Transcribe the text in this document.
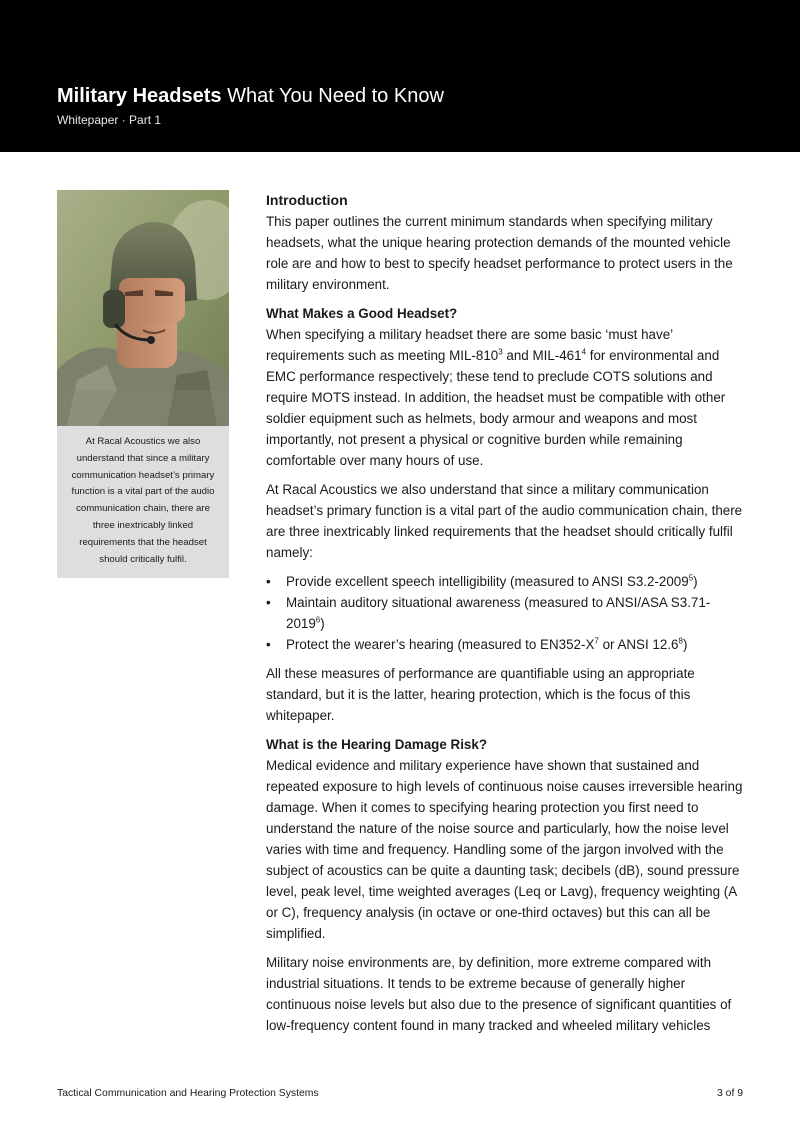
Military Headsets What You Need to Know
Whitepaper · Part 1
At Racal Acoustics we also understand that since a military communication headset’s primary function is a vital part of the audio communication chain, there are three inextricably linked requirements that the headset should critically fulfil.

Introduction

This paper outlines the current minimum standards when specifying military headsets, what the unique hearing protection demands of the mounted vehicle role are and how to best to specify headset performance to protect users in the military environment.

What Makes a Good Headset?

When specifying a military headset there are some basic ‘must have’ requirements such as meeting MIL-$810^3$ and MIL-$461^4$ for environmental and EMC performance respectively; these tend to preclude COTS solutions and require MOTS instead. In addition, the headset must be compatible with other soldier equipment such as helmets, body armour and weapons and most importantly, not present a physical or cognitive burden while remaining comfortable over many hours of use.

At Racal Acoustics we also understand that since a military communication headset’s primary function is a vital part of the audio communication chain, there are three inextricably linked requirements that the headset should critically fulfil namely:

• Provide excellent speech intelligibility (measured to ANSI S3.2-2009$^5$)
• Maintain auditory situational awareness (measured to ANSI/ASA S3.71-2019$^6$)
• Protect the wearer’s hearing (measured to $EN352-X^7$ or ANSI 12.6$^8$)

All these measures of performance are quantifiable using an appropriate standard, but it is the latter, hearing protection, which is the focus of this whitepaper.

What is the Hearing Damage Risk?

Medical evidence and military experience have shown that sustained and repeated exposure to high levels of continuous noise causes irreversible hearing damage. When it comes to specifying hearing protection you first need to understand the nature of the noise source and particularly, how the noise level varies with time and frequency. Handling some of the jargon involved with the subject of acoustics can be quite a daunting task; decibels (dB), sound pressure level, peak level, time weighted averages (Leq or Lavg), frequency weighting (A or C), frequency analysis (in octave or one-third octaves) but this can all be simplified.

Military noise environments are, by definition, more extreme compared with industrial situations. It tends to be extreme because of generally higher continuous noise levels but also due to the presence of significant quantities of low-frequency content found in many tracked and wheeled military vehicles

Tactical Communication and Hearing Protection Systems	3 of 9
